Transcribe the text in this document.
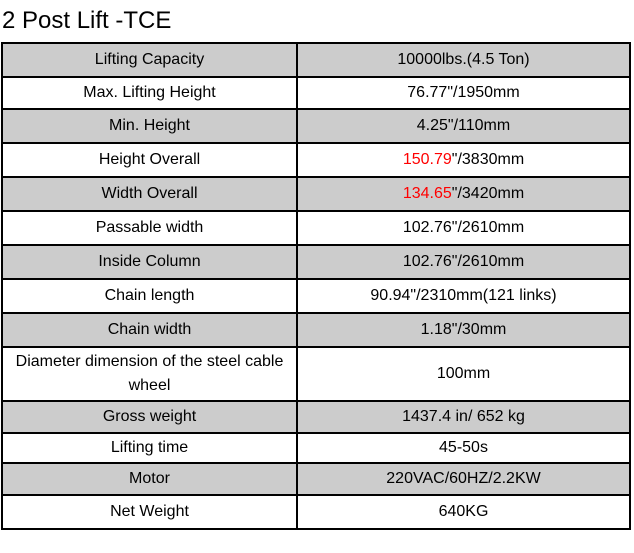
2 Post Lift -TCE
Lifting Capacity	10000lbs.(4.5 Ton)
Max. Lifting Height	76.77"/1950mm
Min. Height	4.25"/110mm
Height Overall	150.79"/3830mm
Width Overall	134.65"/3420mm
Passable width	102.76"/2610mm
Inside Column	102.76"/2610mm
Chain length	90.94"/2310mm(121 links)
Chain width	1.18"/30mm
Diameter dimension of the steel cable wheel	100mm
Gross weight	1437.4 in/ 652 kg
Lifting time	45-50s
Motor	220VAC/60HZ/2.2KW
Net Weight	640KG
